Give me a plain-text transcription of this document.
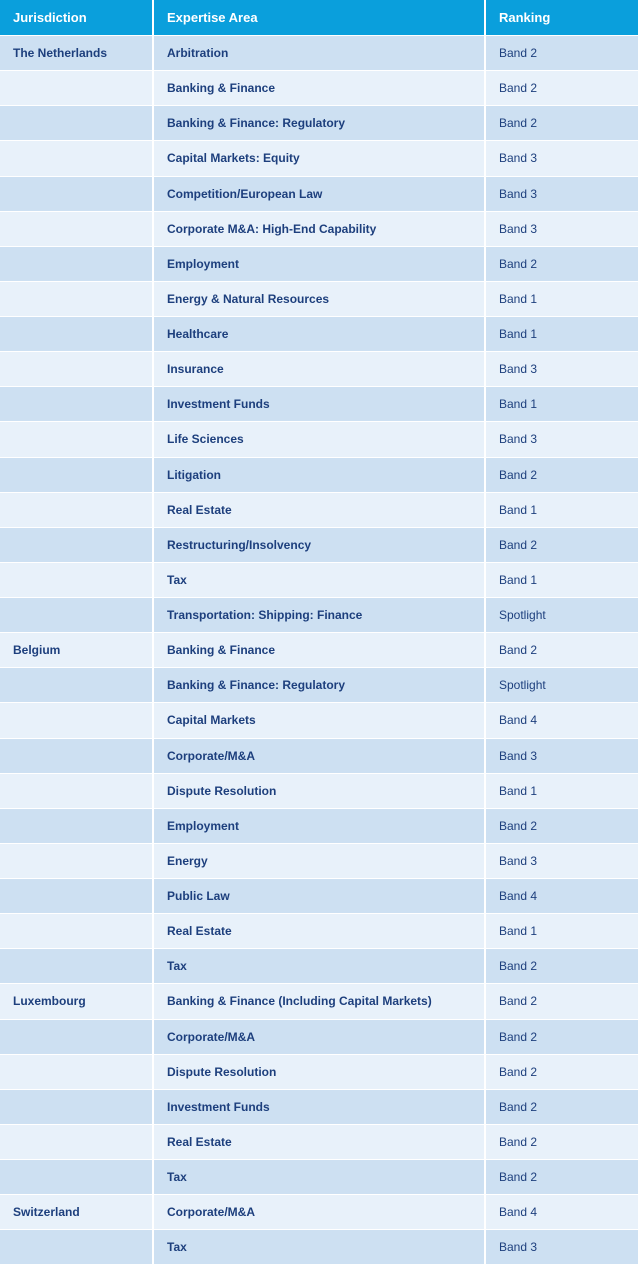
Jurisdiction	Expertise Area	Ranking
The Netherlands	Arbitration	Band 2
	Banking & Finance	Band 2
	Banking & Finance: Regulatory	Band 2
	Capital Markets: Equity	Band 3
	Competition/European Law	Band 3
	Corporate M&A: High-End Capability	Band 3
	Employment	Band 2
	Energy & Natural Resources	Band 1
	Healthcare	Band 1
	Insurance	Band 3
	Investment Funds	Band 1
	Life Sciences	Band 3
	Litigation	Band 2
	Real Estate	Band 1
	Restructuring/Insolvency	Band 2
	Tax	Band 1
	Transportation: Shipping: Finance	Spotlight
Belgium	Banking & Finance	Band 2
	Banking & Finance: Regulatory	Spotlight
	Capital Markets	Band 4
	Corporate/M&A	Band 3
	Dispute Resolution	Band 1
	Employment	Band 2
	Energy	Band 3
	Public Law	Band 4
	Real Estate	Band 1
	Tax	Band 2
Luxembourg	Banking & Finance (Including Capital Markets)	Band 2
	Corporate/M&A	Band 2
	Dispute Resolution	Band 2
	Investment Funds	Band 2
	Real Estate	Band 2
	Tax	Band 2
Switzerland	Corporate/M&A	Band 4
	Tax	Band 3
